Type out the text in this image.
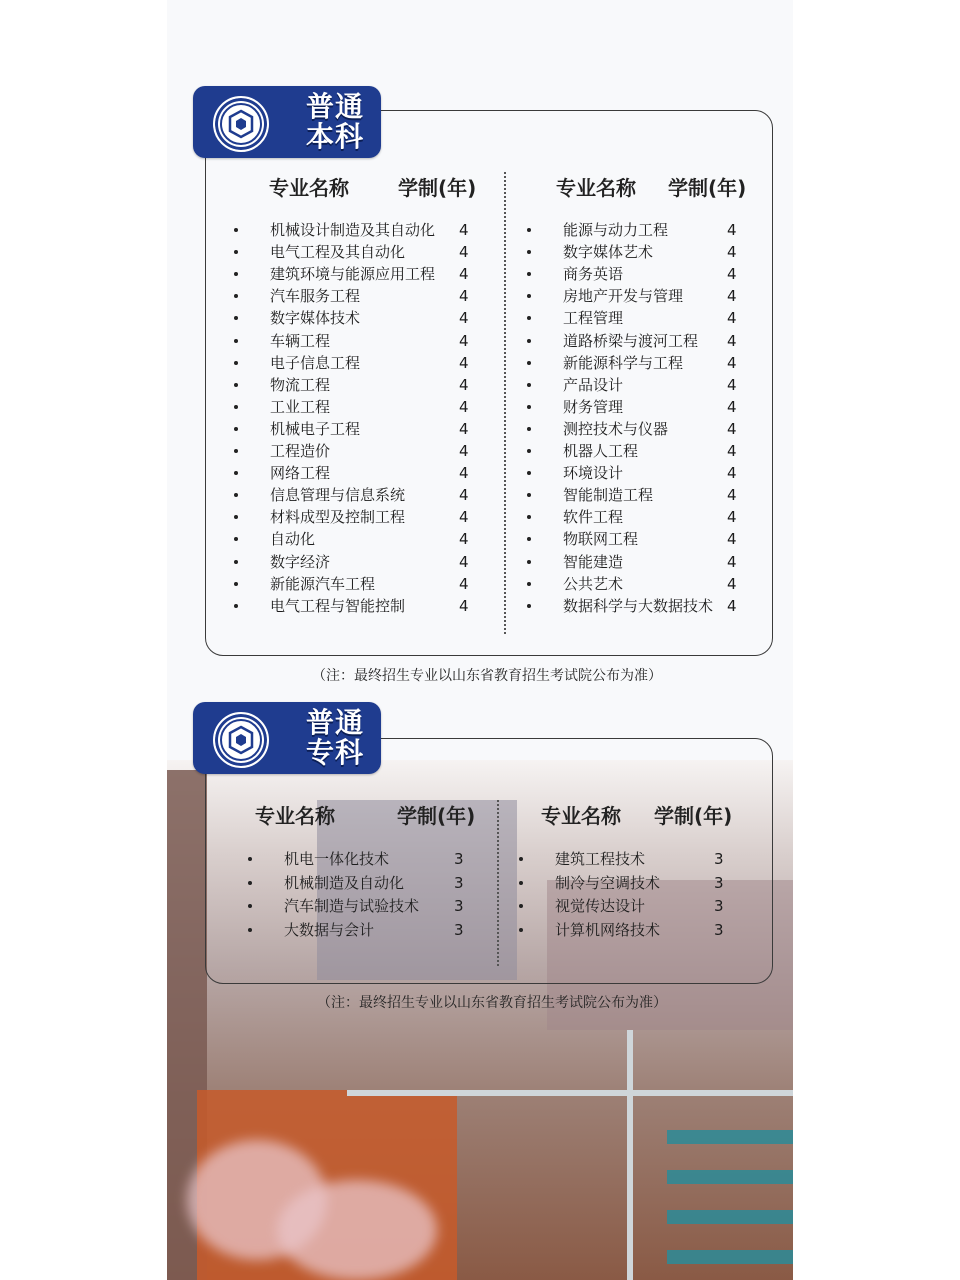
普通
本科
专业名称 学制(年)	专业名称 学制(年)
机械设计制造及其自动化 4
电气工程及其自动化	4
建筑环境与能源应用工程 4
汽车服务工程	4
数字媒体技术	4
车辆工程	4
电子信息工程	4
物流工程	4
工业工程	4
机械电子工程	4
工程造价	4
网络工程	4
信息管理与信息系统	4
材料成型及控制工程	4
自动化	4
数字经济	4
新能源汽车工程	4
电气工程与智能控制	4
能源与动力工程	4
数字媒体艺术	4
商务英语	4
房地产开发与管理	4
工程管理	4
道路桥梁与渡河工程 4
新能源科学与工程	4
产品设计	4
财务管理	4
测控技术与仪器	4
机器人工程	4
环境设计	4
智能制造工程	4
软件工程	4
物联网工程	4
智能建造	4
公共艺术	4
数据科学与大数据技术 4
（注：最终招生专业以山东省教育招生考试院公布为准）
普通
专科
专业名称	学制(年)	专业名称 学制(年)
机电一体化技术	3
机械制造及自动化	3
汽车制造与试验技术 3
大数据与会计	3
建筑工程技术	3
制冷与空调技术	3
视觉传达设计	3
计算机网络技术	3
（注：最终招生专业以山东省教育招生考试院公布为准）
